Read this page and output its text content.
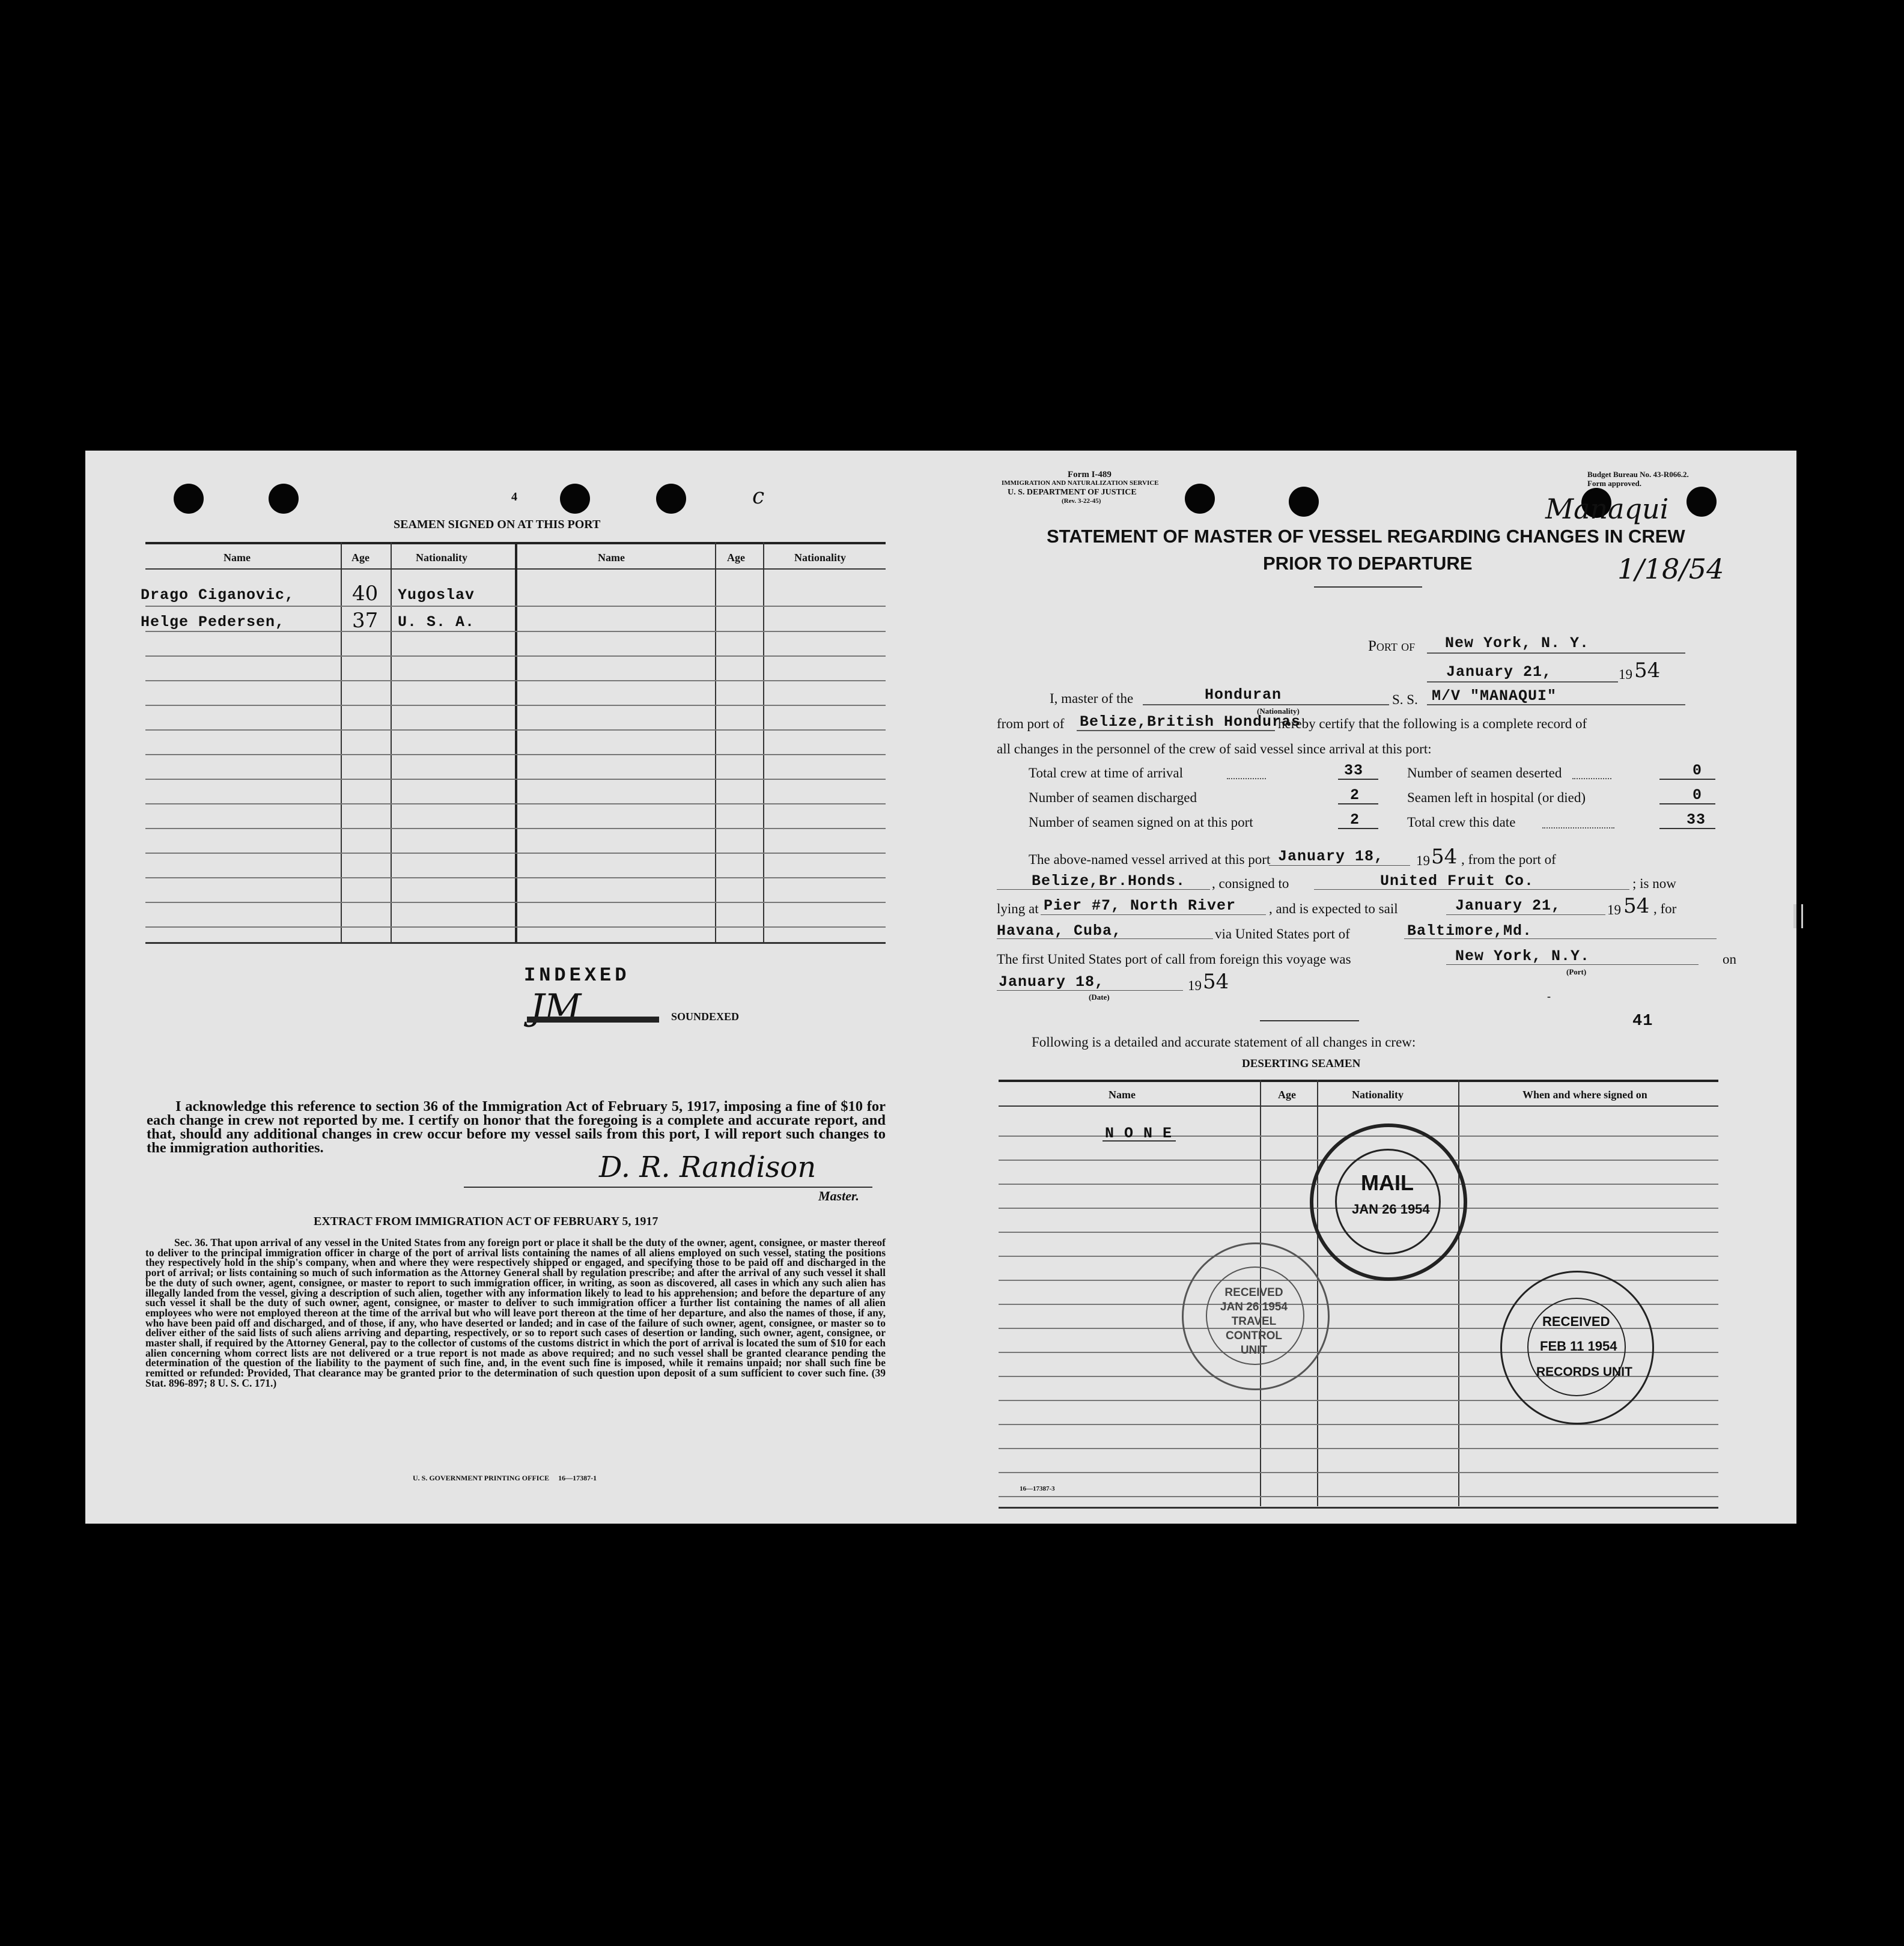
4	c
SEAMEN SIGNED ON AT THIS PORT
Name	Age	Nationality	Name	Age	Nationality
Drago Ciganovic,	40 Yugoslav
Helge Pedersen,	37 U. S. A.
INDEXED
JM	SOUNDEXED
I acknowledge this reference to section 36 of the Immigration Act of February 5, 1917, imposing a fine of $10 for each change in crew not reported by me. I certify on honor that the foregoing is a complete and accurate report, and that, should any additional changes in crew occur before my vessel sails from this port, I will report such changes to the immigration authorities.
D. R. Randison
Master.
EXTRACT FROM IMMIGRATION ACT OF FEBRUARY 5, 1917
Sec. 36. That upon arrival of any vessel in the United States from any foreign port or place it shall be the duty of the owner, agent, consignee, or master thereof to deliver to the principal immigration officer in charge of the port of arrival lists containing the names of all aliens employed on such vessel, stating the positions they respectively hold in the ship's company, when and where they were respectively shipped or engaged, and specifying those to be paid off and discharged in the port of arrival; or lists containing so much of such information as the Attorney General shall by regulation prescribe; and after the arrival of any such vessel it shall be the duty of such owner, agent, consignee, or master to report to such immigration officer, in writing, as soon as discovered, all cases in which any such alien has illegally landed from the vessel, giving a description of such alien, together with any information likely to lead to his apprehension; and before the departure of any such vessel it shall be the duty of such owner, agent, consignee, or master to deliver to such immigration officer a further list containing the names of all alien employees who were not employed thereon at the time of the arrival but who will leave port thereon at the time of her departure, and also the names of those, if any, who have been paid off and discharged, and of those, if any, who have deserted or landed; and in case of the failure of such owner, agent, consignee, or master so to deliver either of the said lists of such aliens arriving and departing, respectively, or so to report such cases of desertion or landing, such owner, agent, consignee, or master shall, if required by the Attorney General, pay to the collector of customs of the customs district in which the port of arrival is located the sum of $10 for each alien concerning whom correct lists are not delivered or a true report is not made as above required; and no such vessel shall be granted clearance pending the determination of the question of the liability to the payment of such fine, and, in the event such fine is imposed, while it remains unpaid; nor shall such fine be remitted or refunded: Provided, That clearance may be granted prior to the determination of such question upon deposit of a sum sufficient to cover such fine. (39 Stat. 896-897; 8 U. S. C. 171.)
U. S. GOVERNMENT PRINTING OFFICE     16—17387-1
Form I-489
IMMIGRATION AND NATURALIZATION SERVICE
U. S. DEPARTMENT OF JUSTICE
(Rev. 3-22-45)
Budget Bureau No. 43-R066.2.
Form approved.
Manaqui
1/18/54
STATEMENT OF MASTER OF VESSEL REGARDING CHANGES IN CREW
PRIOR TO DEPARTURE
Port of New York, N. Y.
January 21,	19 54
I, master of the	Honduran
(Nationality)
S. S. M/V "MANAQUI"
from port of Belize,British Honduras
hereby certify that the following is a complete record of
all changes in the personnel of the crew of said vessel since arrival at this port:
Total crew at time of arrival	33
Number of seamen discharged	2
Number of seamen signed on at this port	2
Number of seamen deserted	0
Seamen left in hospital (or died)	0
Total crew this date	33
The above-named vessel arrived at this port January 18, 19 54 , from the port of
Belize,Br.Honds. , consigned to	United Fruit Co.	; is now
lying at Pier #7, North River , and is expected to sail	January 21,	19 54 , for
Havana, Cuba,	via United States port of	Baltimore,Md.
The first United States port of call from foreign this voyage was	New York, N.Y.	on
(Port)
January 18,	19 54
(Date)	-
41
Following is a detailed and accurate statement of all changes in crew:
DESERTING SEAMEN
Name	Age	Nationality	When and where signed on
N O N E
MAIL
JAN 26 1954
RECEIVED JAN 26 1954 TRAVEL CONTROL UNIT
RECEIVED
FEB 11 1954
RECORDS UNIT
16—17387-3
